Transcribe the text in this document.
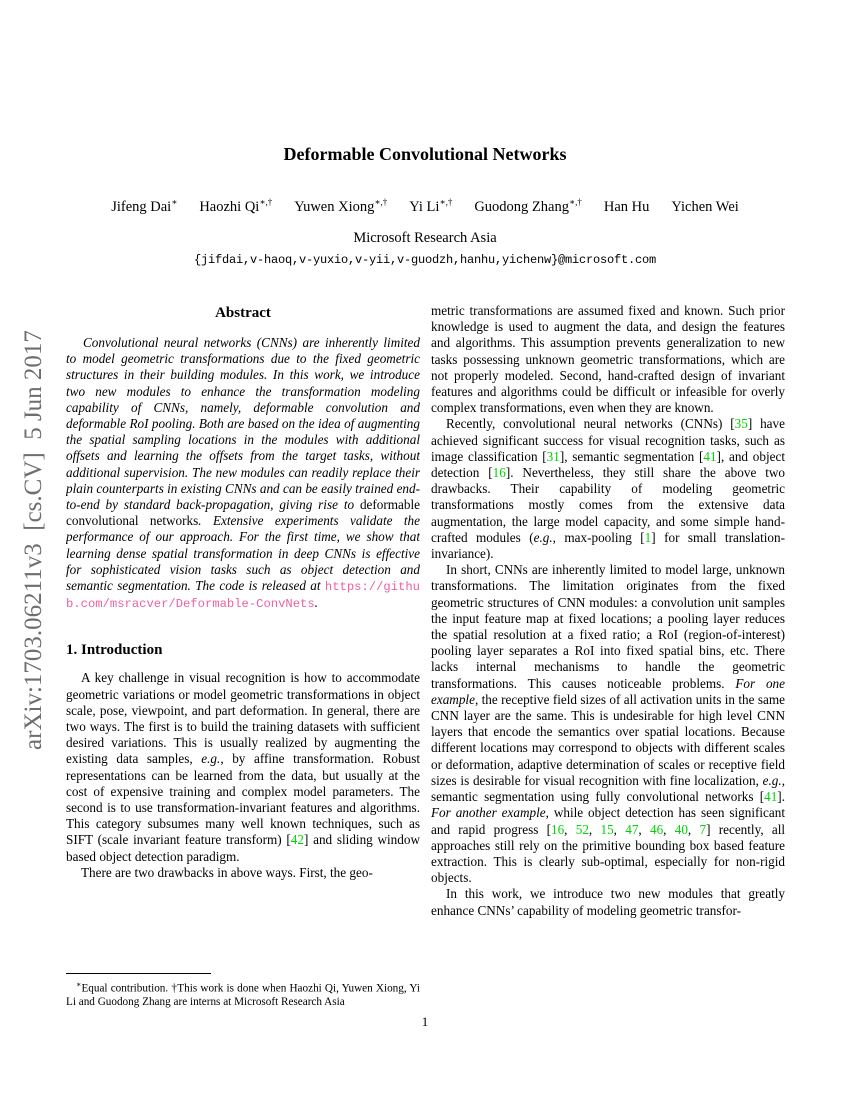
arXiv:1703.06211v3  [cs.CV]  5 Jun 2017
Deformable Convolutional Networks
Jifeng Dai∗ Haozhi Qi∗,† Yuwen Xiong∗,† Yi Li∗,† Guodong Zhang∗,† Han Hu Yichen Wei
Microsoft Research Asia
{jifdai,v-haoq,v-yuxio,v-yii,v-guodzh,hanhu,yichenw}@microsoft.com
Abstract

Convolutional neural networks (CNNs) are inherently limited to model geometric transformations due to the fixed geometric structures in their building modules. In this work, we introduce two new modules to enhance the transformation modeling capability of CNNs, namely, deformable convolution and deformable RoI pooling. Both are based on the idea of augmenting the spatial sampling locations in the modules with additional offsets and learning the offsets from the target tasks, without additional supervision. The new modules can readily replace their plain counterparts in existing CNNs and can be easily trained end-to-end by standard back-propagation, giving rise to deformable convolutional networks. Extensive experiments validate the performance of our approach. For the first time, we show that learning dense spatial transformation in deep CNNs is effective for sophisticated vision tasks such as object detection and semantic segmentation. The code is released at https://github.com/msracver/Deformable-ConvNets.

1. Introduction

A key challenge in visual recognition is how to accommodate geometric variations or model geometric transformations in object scale, pose, viewpoint, and part deformation. In general, there are two ways. The first is to build the training datasets with sufficient desired variations. This is usually realized by augmenting the existing data samples, e.g., by affine transformation. Robust representations can be learned from the data, but usually at the cost of expensive training and complex model parameters. The second is to use transformation-invariant features and algorithms. This category subsumes many well known techniques, such as SIFT (scale invariant feature transform) [42] and sliding window based object detection paradigm.

There are two drawbacks in above ways. First, the geo-

∗Equal contribution. †This work is done when Haozhi Qi, Yuwen Xiong, Yi Li and Guodong Zhang are interns at Microsoft Research Asia

metric transformations are assumed fixed and known. Such prior knowledge is used to augment the data, and design the features and algorithms. This assumption prevents generalization to new tasks possessing unknown geometric transformations, which are not properly modeled. Second, hand-crafted design of invariant features and algorithms could be difficult or infeasible for overly complex transformations, even when they are known.

Recently, convolutional neural networks (CNNs) [35] have achieved significant success for visual recognition tasks, such as image classification [31], semantic segmentation [41], and object detection [16]. Nevertheless, they still share the above two drawbacks. Their capability of modeling geometric transformations mostly comes from the extensive data augmentation, the large model capacity, and some simple hand-crafted modules (e.g., max-pooling [1] for small translation-invariance).

In short, CNNs are inherently limited to model large, unknown transformations. The limitation originates from the fixed geometric structures of CNN modules: a convolution unit samples the input feature map at fixed locations; a pooling layer reduces the spatial resolution at a fixed ratio; a RoI (region-of-interest) pooling layer separates a RoI into fixed spatial bins, etc. There lacks internal mechanisms to handle the geometric transformations. This causes noticeable problems. For one example, the receptive field sizes of all activation units in the same CNN layer are the same. This is undesirable for high level CNN layers that encode the semantics over spatial locations. Because different locations may correspond to objects with different scales or deformation, adaptive determination of scales or receptive field sizes is desirable for visual recognition with fine localization, e.g., semantic segmentation using fully convolutional networks [41]. For another example, while object detection has seen significant and rapid progress [16, 52, 15, 47, 46, 40, 7] recently, all approaches still rely on the primitive bounding box based feature extraction. This is clearly sub-optimal, especially for non-rigid objects.

In this work, we introduce two new modules that greatly enhance CNNs’ capability of modeling geometric transfor-

1
